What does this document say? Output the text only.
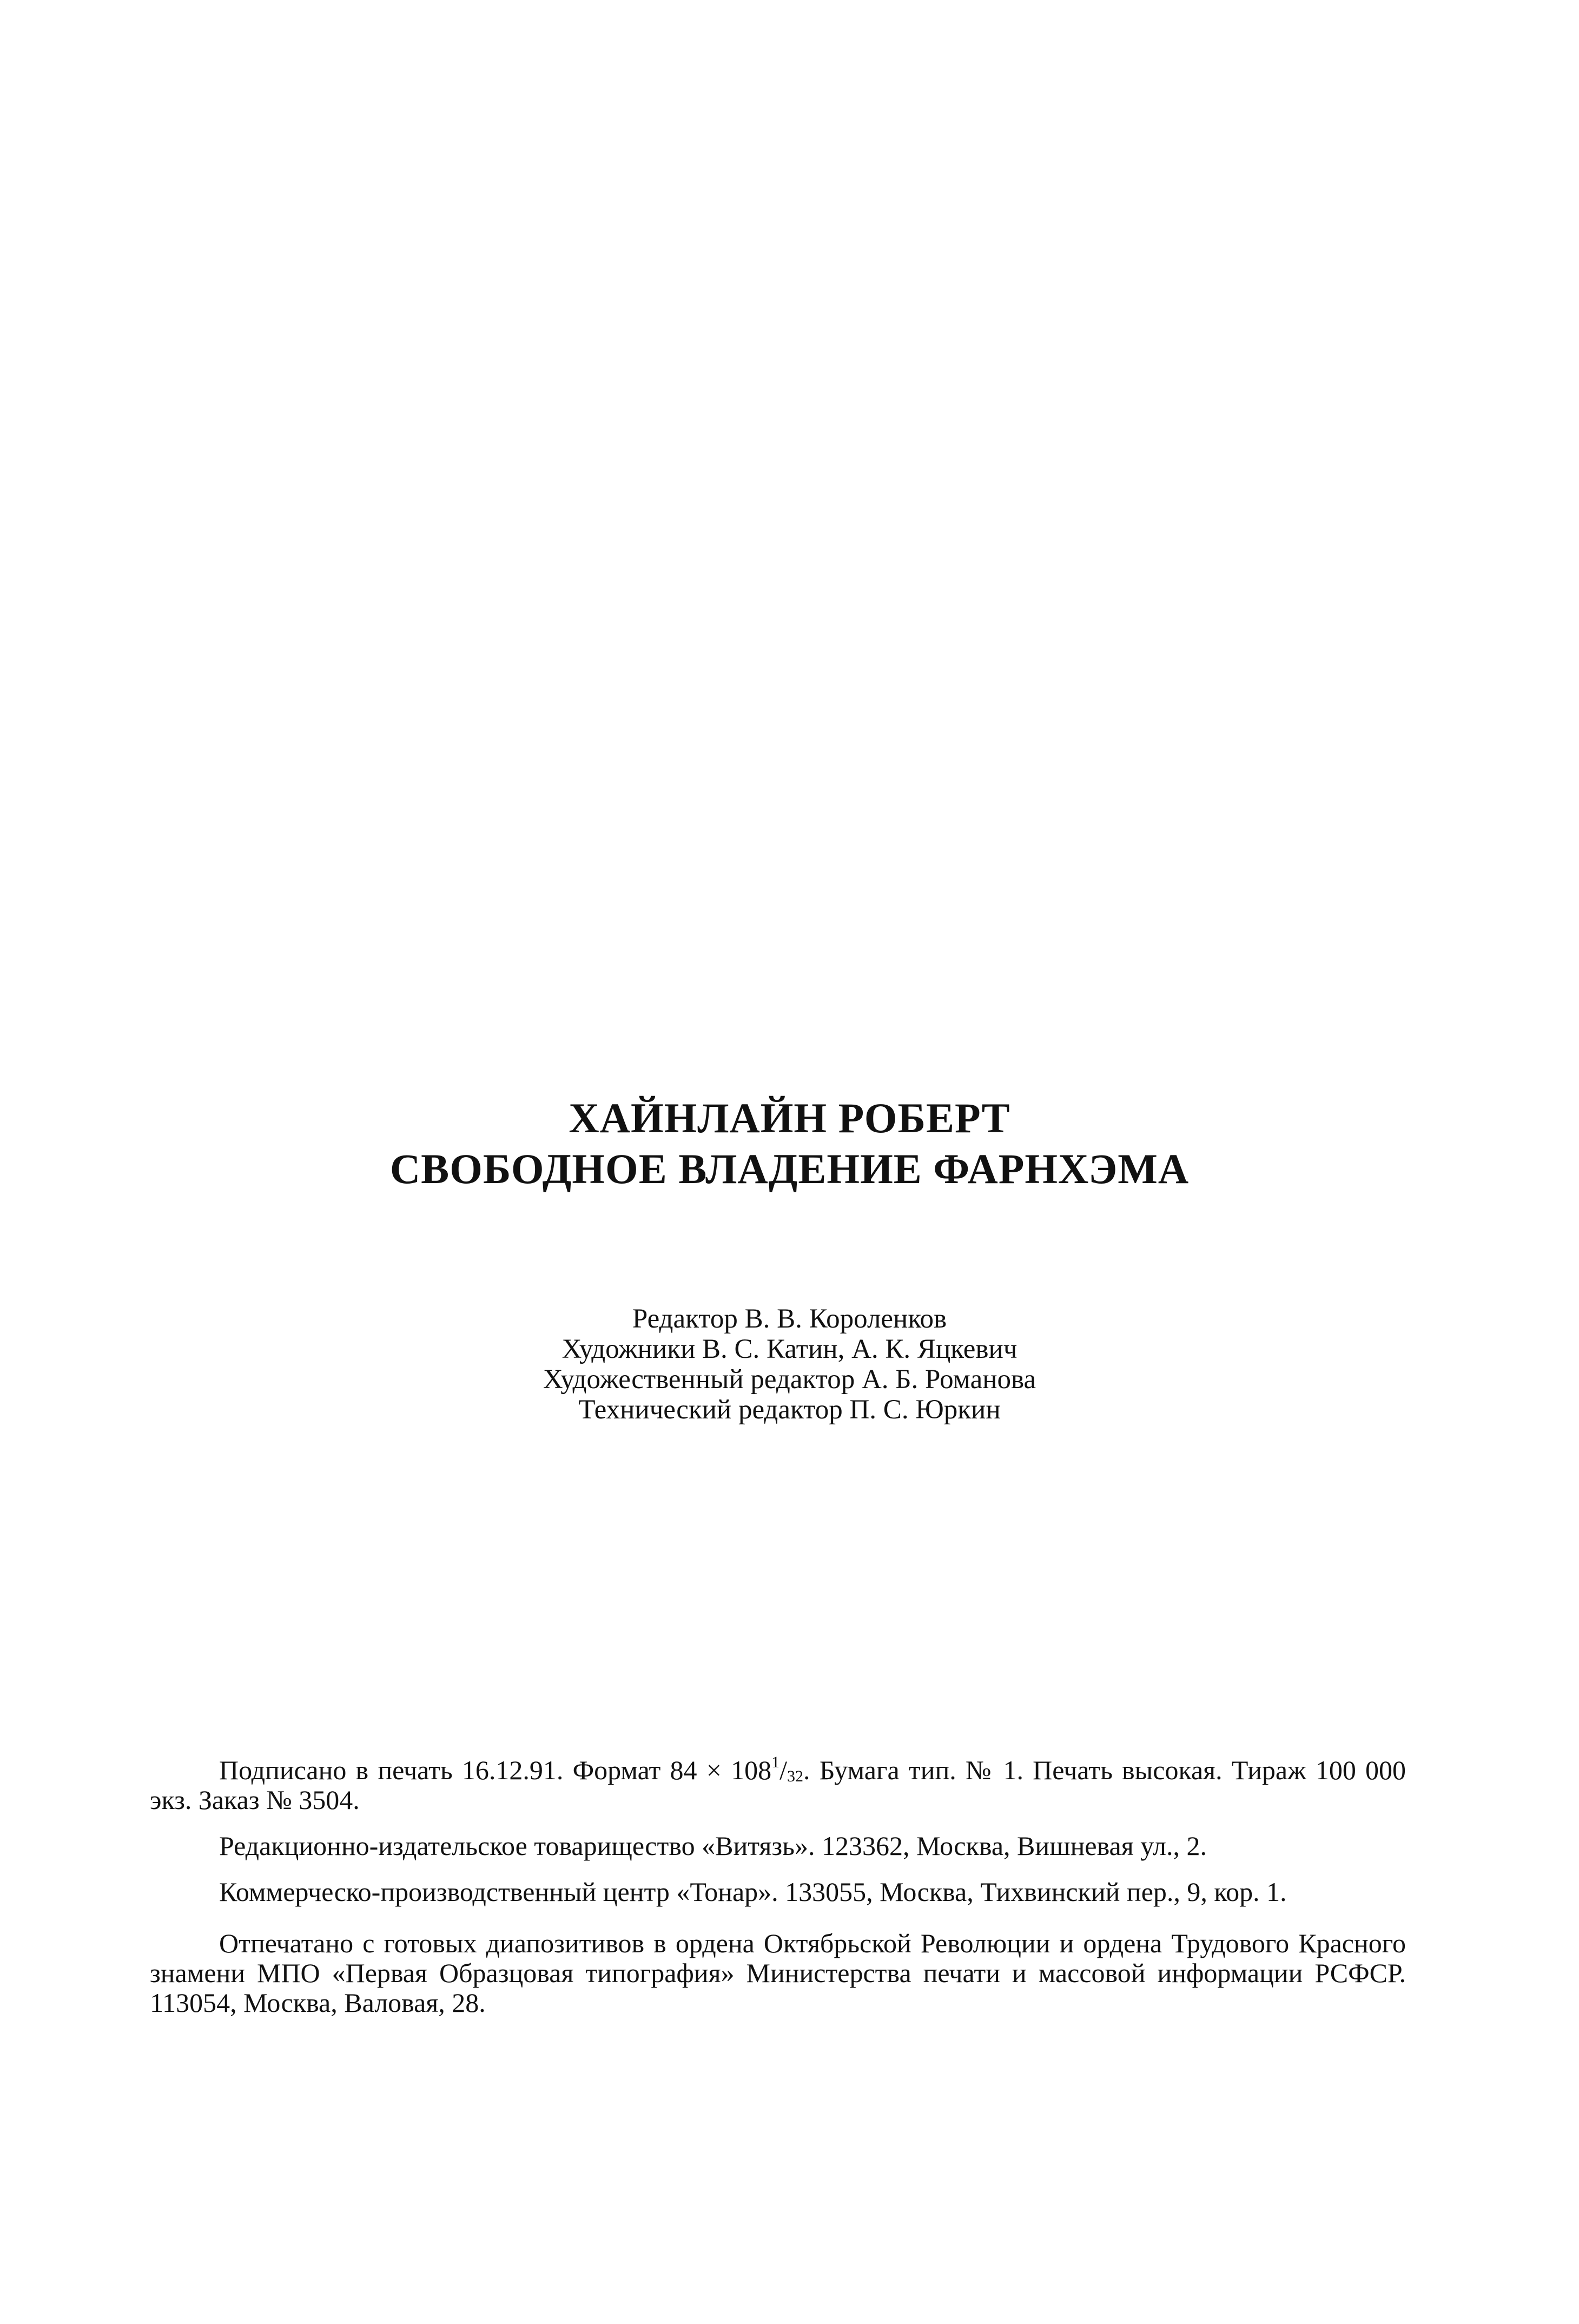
ХАЙНЛАЙН РОБЕРТ
СВОБОДНОЕ ВЛАДЕНИЕ ФАРНХЭМА
Редактор В. В. Короленков
Художники В. С. Катин, А. К. Яцкевич
Художественный редактор А. Б. Романова
Технический редактор П. С. Юркин

Подписано в печать 16.12.91. Формат $84 \times 108^1/_{32}$. Бумага тип. № 1. Печать высокая. Тираж 100 000 экз. Заказ № 3504.

Редакционно-издательское товарищество «Витязь». 123362, Москва, Вишневая ул., 2.

Коммерческо-производственный центр «Тонар». 133055, Москва, Тихвинский пер., 9, кор. 1.

Отпечатано с готовых диапозитивов в ордена Октябрьской Революции и ордена Трудового Красного знамени МПО «Первая Образцовая типография» Министерства печати и массовой информации РСФСР. 113054, Москва, Валовая, 28.
